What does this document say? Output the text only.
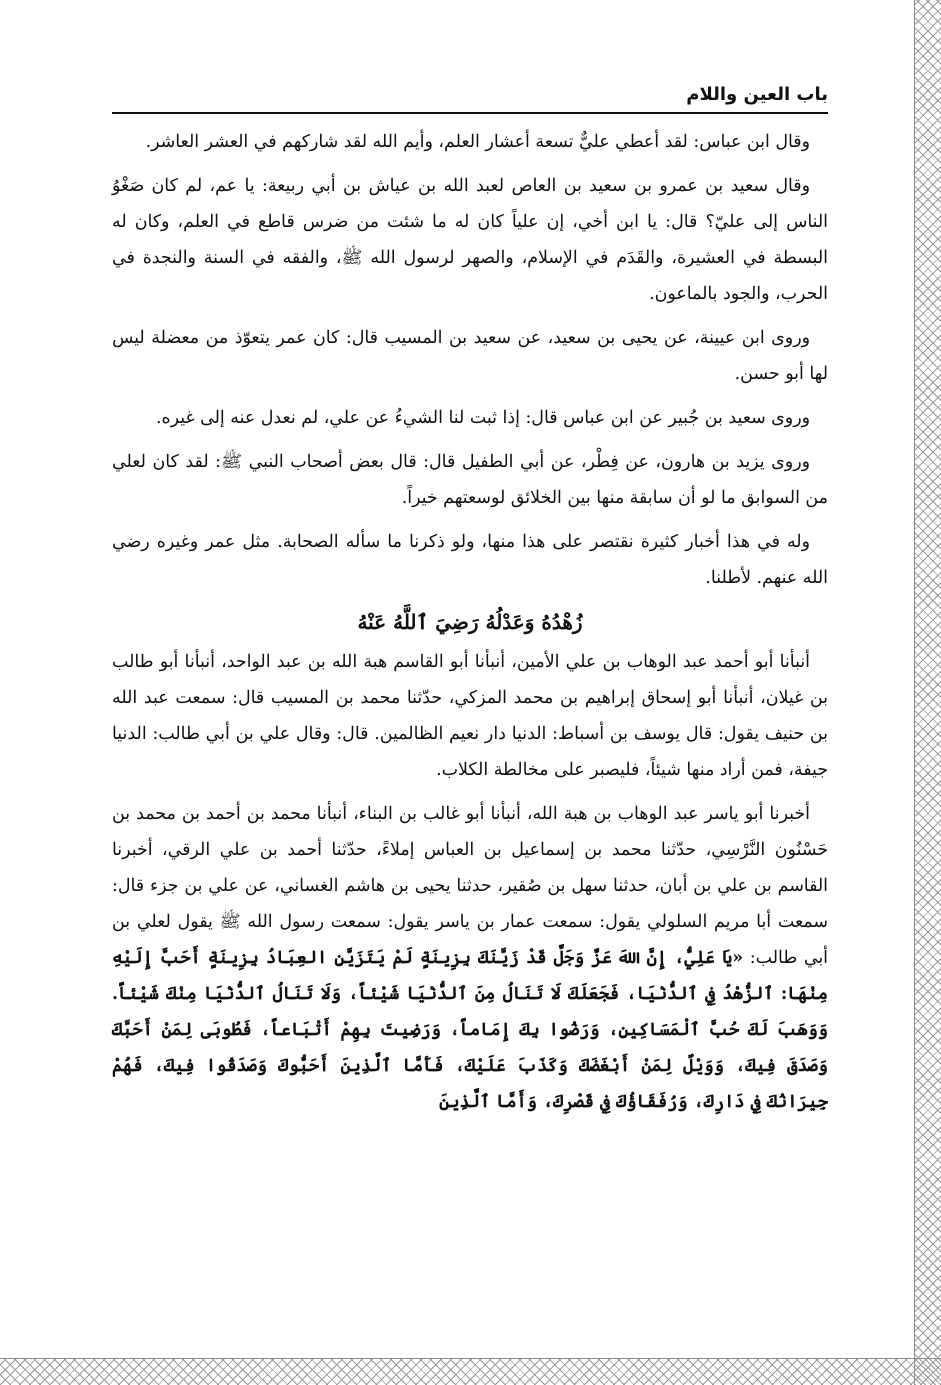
باب العين واللام

وقال ابن عباس: لقد أعطي عليٌّ تسعة أعشار العلم، وأيم الله لقد شاركهم في العشر العاشر.

وقال سعيد بن عمرو بن سعيد بن العاص لعبد الله بن عياش بن أبي ربيعة: يا عم، لم كان صَغْوُ الناس إلى عليّ؟ قال: يا ابن أخي، إن علياً كان له ما شئت من ضرس قاطع في العلم، وكان له البسطة في العشيرة، والقَدَم في الإسلام، والصهر لرسول الله ﷺ، والفقه في السنة والنجدة في الحرب، والجود بالماعون.

وروى ابن عيينة، عن يحيى بن سعيد، عن سعيد بن المسيب قال: كان عمر يتعوّذ من معضلة ليس لها أبو حسن.

وروى سعيد بن جُبير عن ابن عباس قال: إذا ثبت لنا الشيءُ عن علي، لم نعدل عنه إلى غيره.

وروى يزيد بن هارون، عن فِطْر، عن أبي الطفيل قال: قال بعض أصحاب النبي ﷺ: لقد كان لعلي من السوابق ما لو أن سابقة منها بين الخلائق لوسعتهم خيراً.

وله في هذا أخبار كثيرة نقتصر على هذا منها، ولو ذكرنا ما سأله الصحابة. مثل عمر وغيره رضي الله عنهم. لأطلنا.

زُهْدُهُ وَعَدْلُهُ رَضِيَ ٱللَّهُ عَنْهُ

أنبأنا أبو أحمد عبد الوهاب بن علي الأمين، أنبأنا أبو القاسم هبة الله بن عبد الواحد، أنبأنا أبو طالب بن غيلان، أنبأنا أبو إسحاق إبراهيم بن محمد المزكي، حدّثنا محمد بن المسيب قال: سمعت عبد الله بن حنيف يقول: قال يوسف بن أسباط: الدنيا دار نعيم الظالمين. قال: وقال علي بن أبي طالب: الدنيا جيفة، فمن أراد منها شيئاً، فليصبر على مخالطة الكلاب.

أخبرنا أبو ياسر عبد الوهاب بن هبة الله، أنبأنا أبو غالب بن البناء، أنبأنا محمد بن أحمد بن محمد بن حَسْنُون النَّرْسِي، حدّثنا محمد بن إسماعيل بن العباس إملاءً، حدّثنا أحمد بن علي الرقي، أخبرنا القاسم بن علي بن أبان، حدثنا سهل بن صُقير، حدثنا يحيى بن هاشم الغساني، عن علي بن جزء قال: سمعت أبا مريم السلولي يقول: سمعت عمار بن ياسر يقول: سمعت رسول الله ﷺ يقول لعلي بن أبي طالب: «يَا عَلِيُّ، إِنَّ اللهَ عَزَّ وَجَلَّ قَدْ زَيَّنَكَ بِزِينَةٍ لَمْ يَتَزَيَّنِ العِبَادُ بِزِينَةٍ أَحَبَّ إِلَيْهِ مِنْهَا: ٱلزُّهْدُ فِي ٱلدُّنْيَا، فَجَعَلَكَ لَا تَنَالُ مِنَ ٱلدُّنْيَا شَيْئاً، وَلَا تَنَالُ ٱلدُّنْيَا مِنْكَ شَيْئاً. وَوَهَبَ لَكَ حُبَّ ٱلْمَسَاكِينِ، وَرَضُوا بِكَ إِمَاماً، وَرَضِيتَ بِهِمْ أَتْبَاعاً، فَطُوبَى لِمَنْ أَحَبَّكَ وَصَدَقَ فِيكَ، وَوَيْلٌ لِمَنْ أَبْغَضَكَ وَكَذَبَ عَلَيْكَ، فَأَمَّا ٱلَّذِينَ أَحَبُّوكَ وَصَدَقُوا فِيكَ، فَهُمْ جِيرَانُكَ فِي دَارِكَ، وَرُفَقَاؤُكَ فِي قَصْرِكَ، وَأَمَّا ٱلَّذِينَ
